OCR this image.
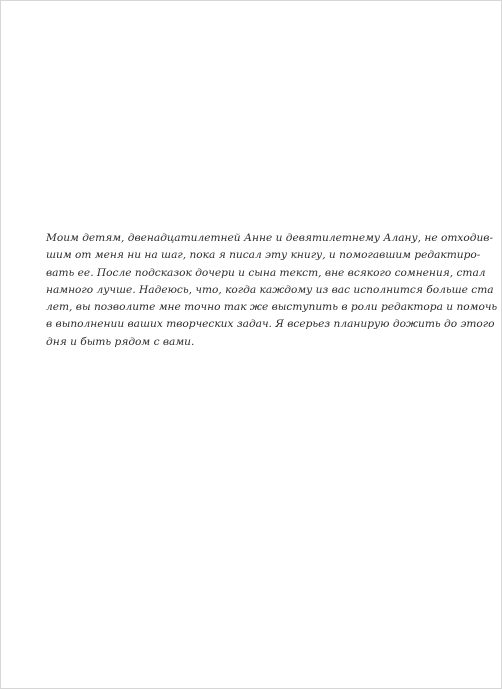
Моим детям, двенадцатилетней Анне и девятилетнему Алану, не отходив-
шим от меня ни на шаг, пока я писал эту книгу, и помогавшим редактиро-
вать ее. После подсказок дочери и сына текст, вне всякого сомнения, стал
намного лучше. Надеюсь, что, когда каждому из вас исполнится больше ста
лет, вы позволите мне точно так же выступить в роли редактора и помочь
в выполнении ваших творческих задач. Я всерьез планирую дожить до этого
дня и быть рядом с вами.
